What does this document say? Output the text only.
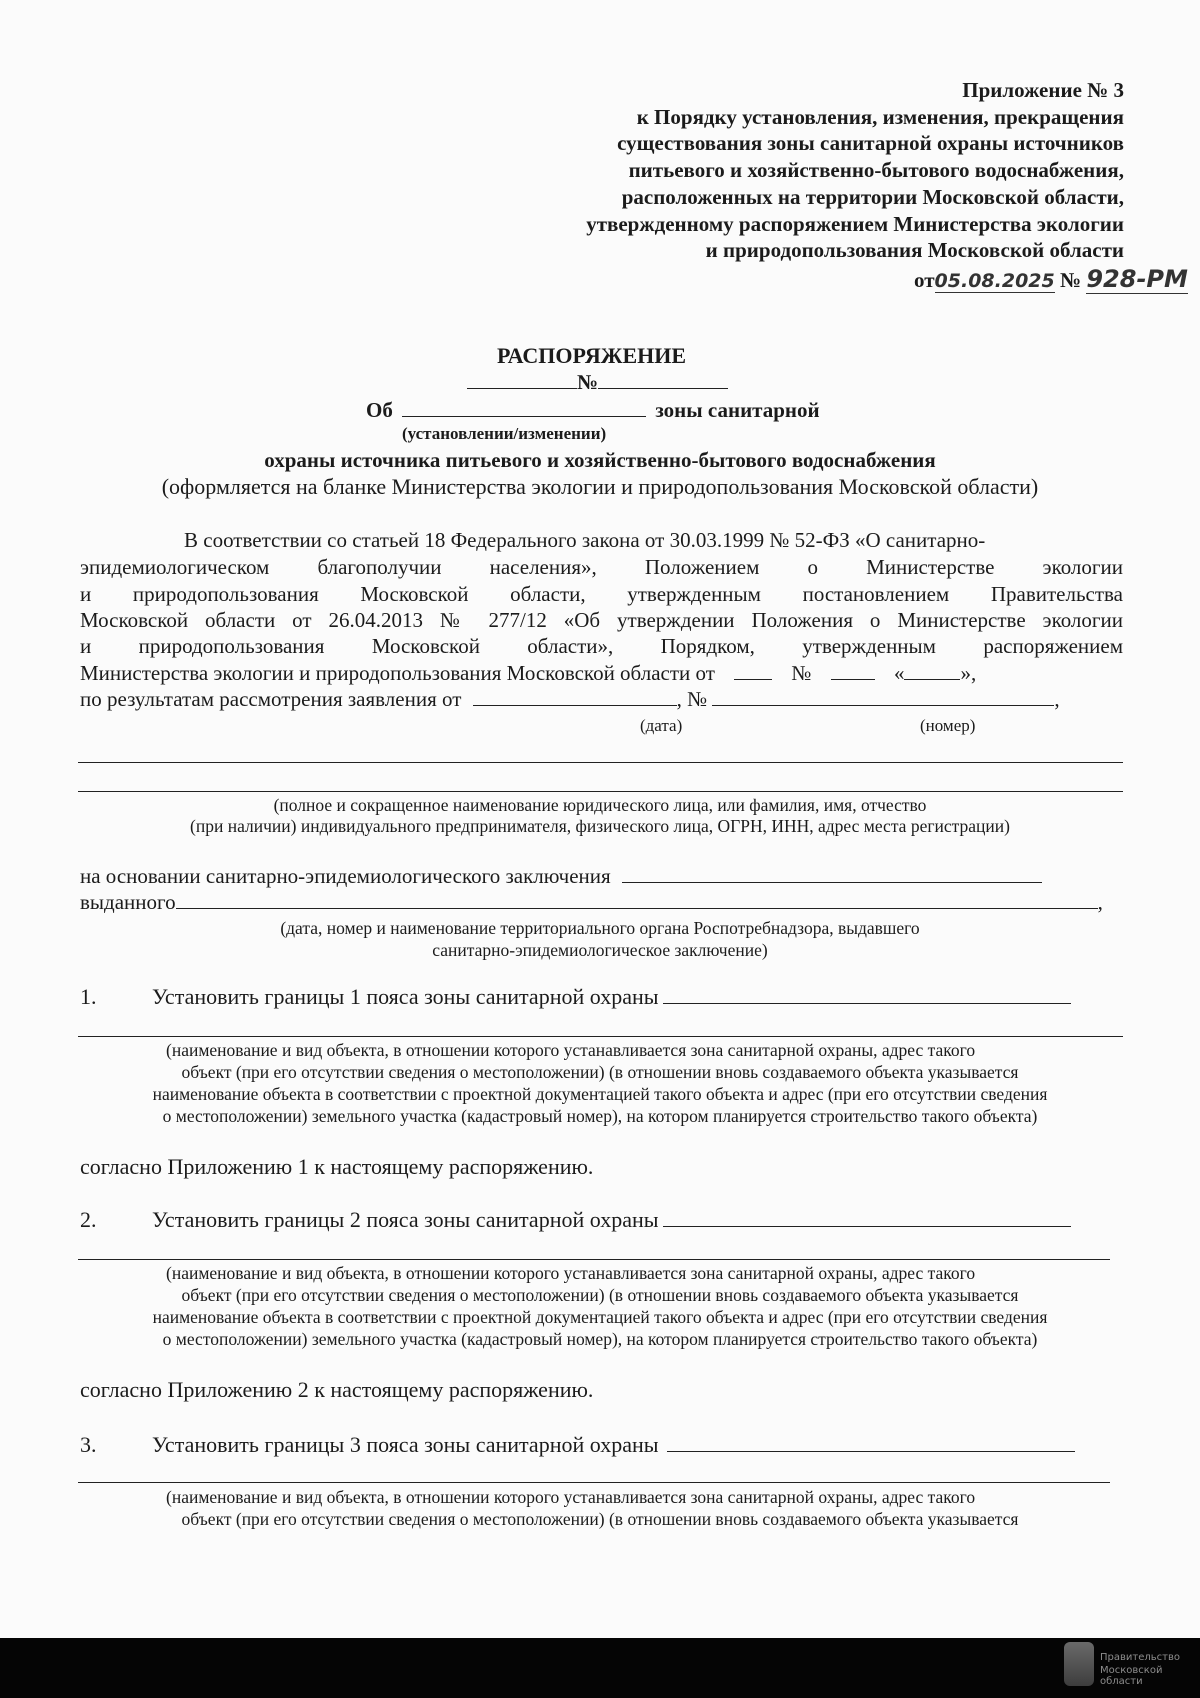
Приложение № 3
к Порядку установления, изменения, прекращения
существования зоны санитарной охраны источников
питьевого и хозяйственно-бытового водоснабжения,
расположенных на территории Московской области,
утвержденному распоряжением Министерства экологии
и природопользования Московской области
от05.08.2025 № 928-РМ
РАСПОРЯЖЕНИЕ
№
Об	зоны санитарной
(установлении/изменении)
охраны источника питьевого и хозяйственно-бытового водоснабжения
(оформляется на бланке Министерства экологии и природопользования Московской области)
В соответствии со статьей 18 Федерального закона от 30.03.1999 № 52-ФЗ «О санитарно-
эпидемиологическом благополучии населения», Положением о Министерстве экологии
и природопользования Московской области, утвержденным постановлением Правительства
Московской области от 26.04.2013 № 277/12 «Об утверждении Положения о Министерстве экологии
и природопользования Московской области», Порядком, утвержденным распоряжением
Министерства экологии и природопользования Московской области от	№	«	»,
по результатам рассмотрения заявления от	, №	,
(дата)	(номер)
(полное и сокращенное наименование юридического лица, или фамилия, имя, отчество
(при наличии) индивидуального предпринимателя, физического лица, ОГРН, ИНН, адрес места регистрации)
на основании санитарно-эпидемиологического заключения
выданного	,
(дата, номер и наименование территориального органа Роспотребнадзора, выдавшего
санитарно-эпидемиологическое заключение)
1.	Установить границы 1 пояса зоны санитарной охраны
(наименование и вид объекта, в отношении которого устанавливается зона санитарной охраны, адрес такого
объект (при его отсутствии сведения о местоположении) (в отношении вновь создаваемого объекта указывается
наименование объекта в соответствии с проектной документацией такого объекта и адрес (при его отсутствии сведения
о местоположении) земельного участка (кадастровый номер), на котором планируется строительство такого объекта)
согласно Приложению 1 к настоящему распоряжению.
2.	Установить границы 2 пояса зоны санитарной охраны
(наименование и вид объекта, в отношении которого устанавливается зона санитарной охраны, адрес такого
объект (при его отсутствии сведения о местоположении) (в отношении вновь создаваемого объекта указывается
наименование объекта в соответствии с проектной документацией такого объекта и адрес (при его отсутствии сведения
о местоположении) земельного участка (кадастровый номер), на котором планируется строительство такого объекта)
согласно Приложению 2 к настоящему распоряжению.
3.	Установить границы 3 пояса зоны санитарной охраны
(наименование и вид объекта, в отношении которого устанавливается зона санитарной охраны, адрес такого
объект (при его отсутствии сведения о местоположении) (в отношении вновь создаваемого объекта указывается
Правительство
Московской области
